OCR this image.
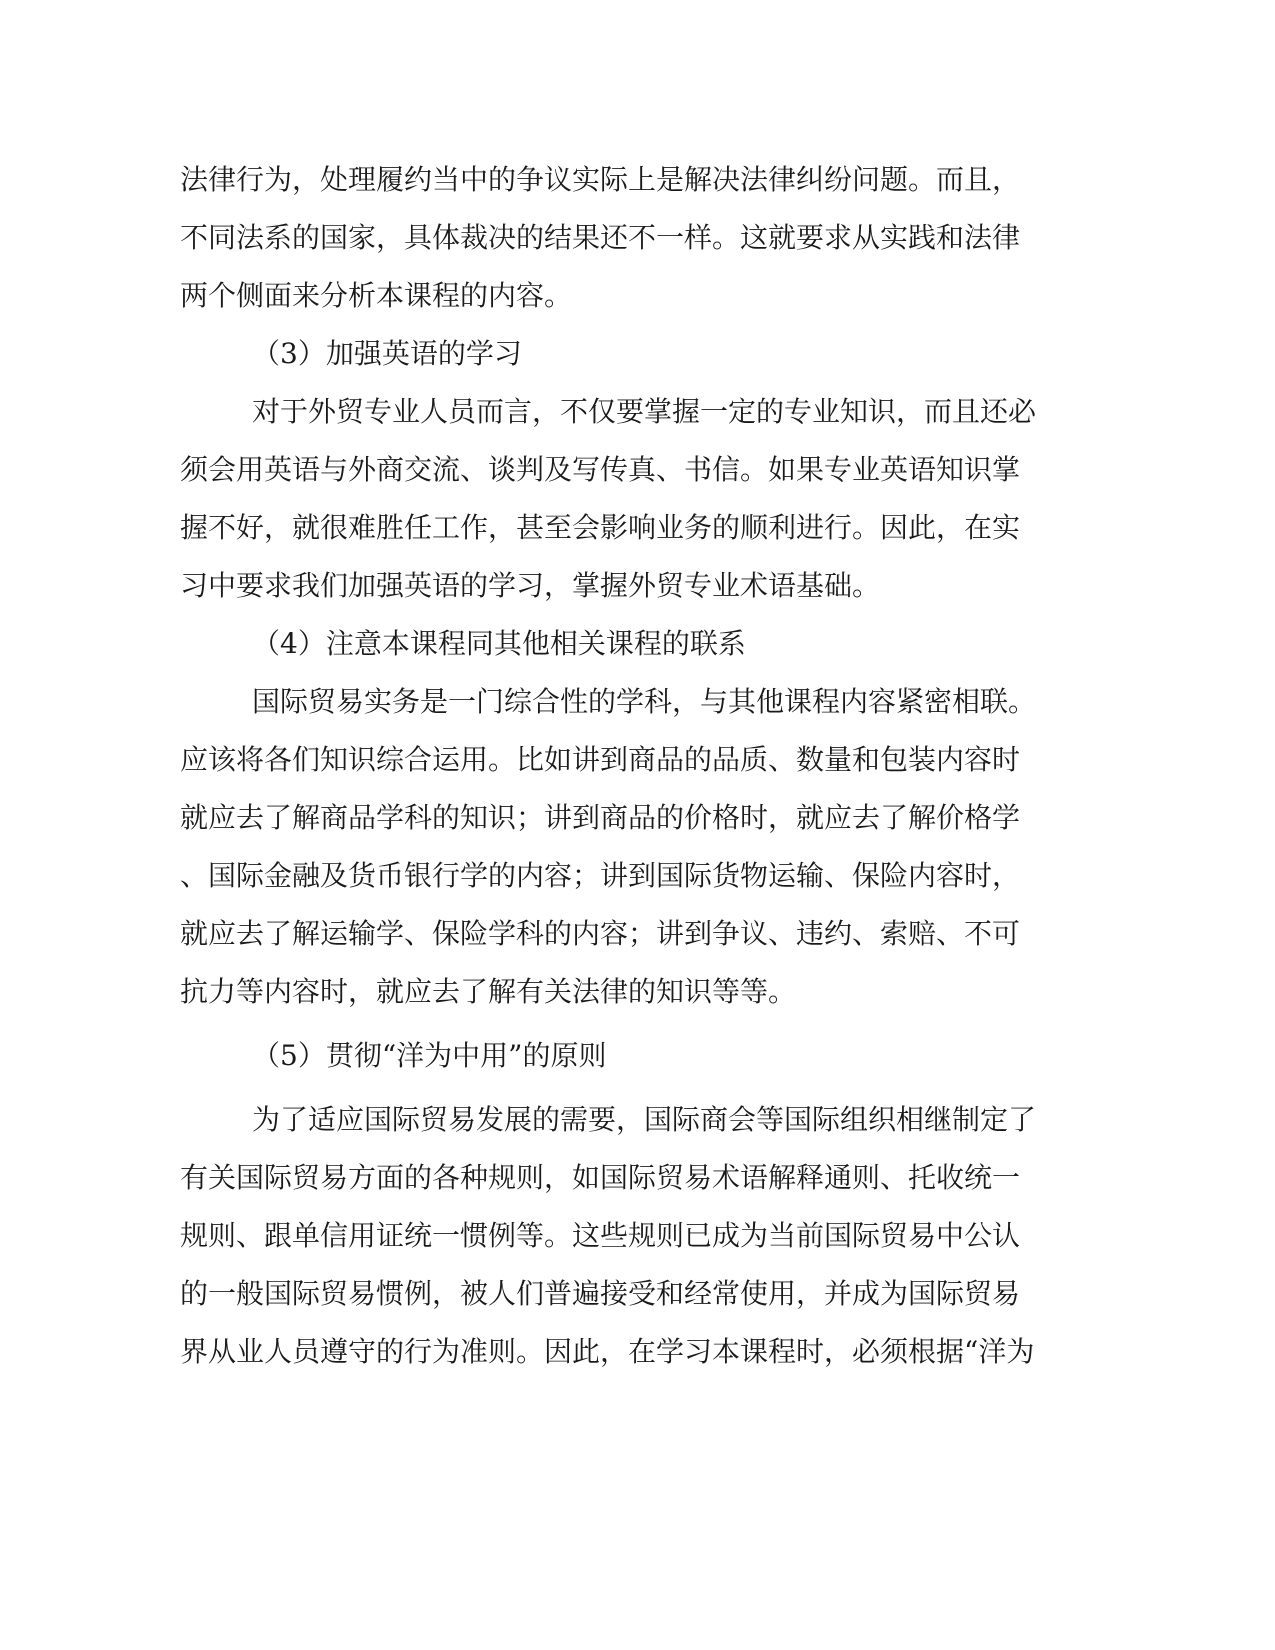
法律行为，处理履约当中的争议实际上是解决法律纠纷问题。而且，
不同法系的国家，具体裁决的结果还不一样。这就要求从实践和法律
两个侧面来分析本课程的内容。
（3）加强英语的学习
对于外贸专业人员而言，不仅要掌握一定的专业知识，而且还必
须会用英语与外商交流、谈判及写传真、书信。如果专业英语知识掌
握不好，就很难胜任工作，甚至会影响业务的顺利进行。因此，在实
习中要求我们加强英语的学习，掌握外贸专业术语基础。
（4）注意本课程同其他相关课程的联系
国际贸易实务是一门综合性的学科，与其他课程内容紧密相联。
应该将各们知识综合运用。比如讲到商品的品质、数量和包装内容时
就应去了解商品学科的知识；讲到商品的价格时，就应去了解价格学
、国际金融及货币银行学的内容；讲到国际货物运输、保险内容时，
就应去了解运输学、保险学科的内容；讲到争议、违约、索赔、不可
抗力等内容时，就应去了解有关法律的知识等等。
（5）贯彻“洋为中用”的原则
为了适应国际贸易发展的需要，国际商会等国际组织相继制定了
有关国际贸易方面的各种规则，如国际贸易术语解释通则、托收统一
规则、跟单信用证统一惯例等。这些规则已成为当前国际贸易中公认
的一般国际贸易惯例，被人们普遍接受和经常使用，并成为国际贸易
界从业人员遵守的行为准则。因此，在学习本课程时，必须根据“洋为
